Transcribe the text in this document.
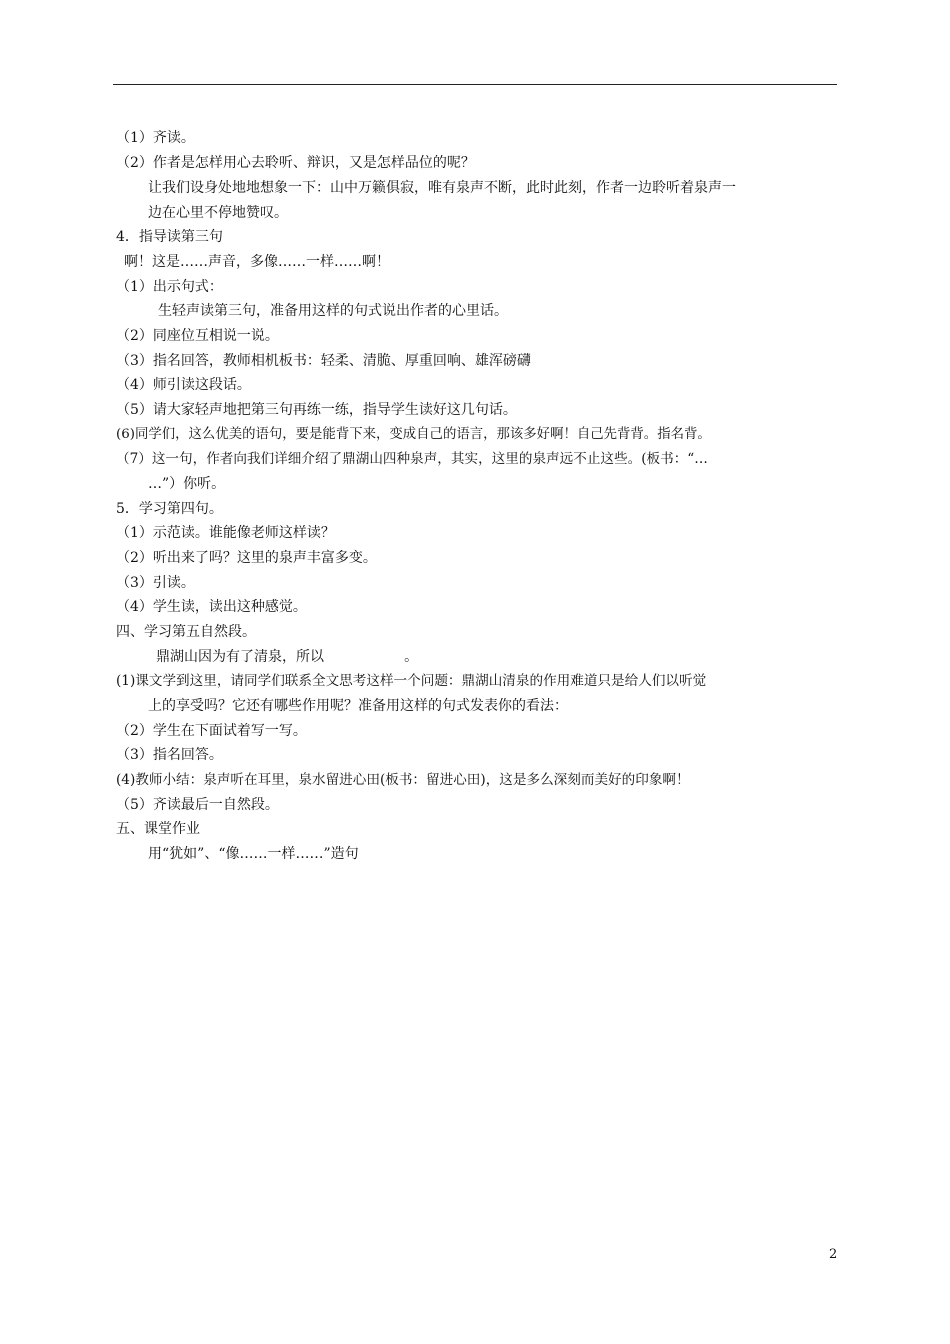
（1）齐读。
（2）作者是怎样用心去聆听、辩识，又是怎样品位的呢？
让我们设身处地地想象一下：山中万籁俱寂，唯有泉声不断，此时此刻，作者一边聆听着泉声一
边在心里不停地赞叹。
4．指导读第三句
啊！这是……声音，多像……一样……啊！
（1）出示句式：
生轻声读第三句，准备用这样的句式说出作者的心里话。
（2）同座位互相说一说。
（3）指名回答，教师相机板书：轻柔、清脆、厚重回响、雄浑磅礴
（4）师引读这段话。
（5）请大家轻声地把第三句再练一练，指导学生读好这几句话。
(6)同学们，这么优美的语句，要是能背下来，变成自己的语言，那该多好啊！自己先背背。指名背。
（7）这一句，作者向我们详细介绍了鼎湖山四种泉声，其实，这里的泉声远不止这些。(板书：“…
…”）你听。
5．学习第四句。
（1）示范读。谁能像老师这样读？
（2）听出来了吗？这里的泉声丰富多变。
（3）引读。
（4）学生读，读出这种感觉。
四、学习第五自然段。
鼎湖山因为有了清泉，所以                  。
(1)课文学到这里，请同学们联系全文思考这样一个问题：鼎湖山清泉的作用难道只是给人们以听觉
上的享受吗？它还有哪些作用呢？准备用这样的句式发表你的看法：
（2）学生在下面试着写一写。
（3）指名回答。
(4)教师小结：泉声听在耳里，泉水留进心田(板书：留进心田)，这是多么深刻而美好的印象啊！
（5）齐读最后一自然段。
五、课堂作业
用“犹如”、“像……一样……”造句
2
